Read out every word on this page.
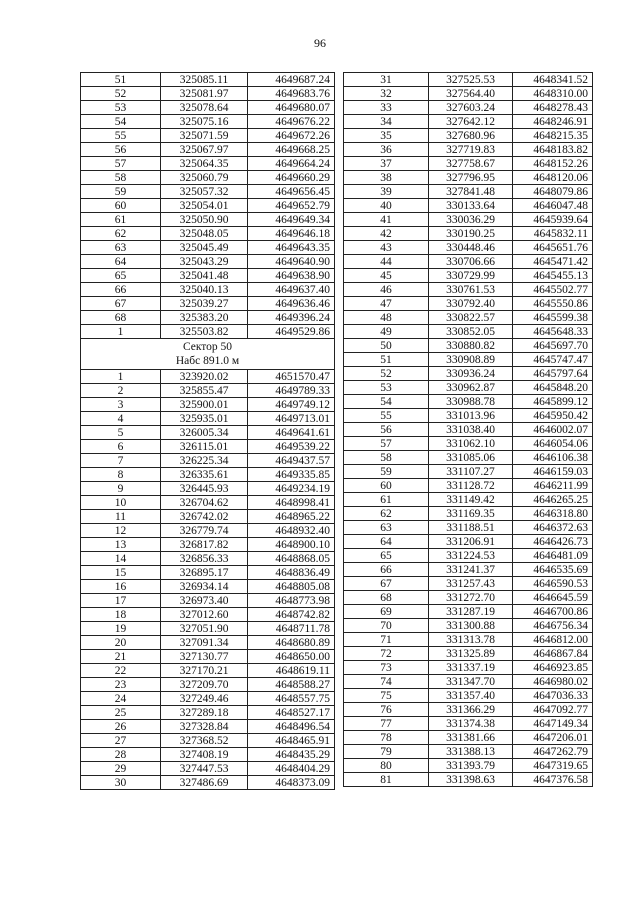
96
51	325085.11	4649687.24
52	325081.97	4649683.76
53	325078.64	4649680.07
54	325075.16	4649676.22
55	325071.59	4649672.26
56	325067.97	4649668.25
57	325064.35	4649664.24
58	325060.79	4649660.29
59	325057.32	4649656.45
60	325054.01	4649652.79
61	325050.90	4649649.34
62	325048.05	4649646.18
63	325045.49	4649643.35
64	325043.29	4649640.90
65	325041.48	4649638.90
66	325040.13	4649637.40
67	325039.27	4649636.46
68	325383.20	4649396.24
1	325503.82	4649529.86

Сектор 50
Набс 891.0 м		

1	323920.02	4651570.47
2	325855.47	4649789.33
3	325900.01	4649749.12
4	325935.01	4649713.01
5	326005.34	4649641.61
6	326115.01	4649539.22
7	326225.34	4649437.57
8	326335.61	4649335.85
9	326445.93	4649234.19
10	326704.62	4648998.41
11	326742.02	4648965.22
12	326779.74	4648932.40
13	326817.82	4648900.10
14	326856.33	4648868.05
15	326895.17	4648836.49
16	326934.14	4648805.08
17	326973.40	4648773.98
18	327012.60	4648742.82
19	327051.90	4648711.78
20	327091.34	4648680.89
21	327130.77	4648650.00
22	327170.21	4648619.11
23	327209.70	4648588.27
24	327249.46	4648557.75
25	327289.18	4648527.17
26	327328.84	4648496.54
27	327368.52	4648465.91
28	327408.19	4648435.29
29	327447.53	4648404.29
30	327486.69	4648373.09
31	327525.53	4648341.52
32	327564.40	4648310.00
33	327603.24	4648278.43
34	327642.12	4648246.91
35	327680.96	4648215.35
36	327719.83	4648183.82
37	327758.67	4648152.26
38	327796.95	4648120.06
39	327841.48	4648079.86
40	330133.64	4646047.48
41	330036.29	4645939.64
42	330190.25	4645832.11
43	330448.46	4645651.76
44	330706.66	4645471.42
45	330729.99	4645455.13
46	330761.53	4645502.77
47	330792.40	4645550.86
48	330822.57	4645599.38
49	330852.05	4645648.33
50	330880.82	4645697.70
51	330908.89	4645747.47
52	330936.24	4645797.64
53	330962.87	4645848.20
54	330988.78	4645899.12
55	331013.96	4645950.42
56	331038.40	4646002.07
57	331062.10	4646054.06
58	331085.06	4646106.38
59	331107.27	4646159.03
60	331128.72	4646211.99
61	331149.42	4646265.25
62	331169.35	4646318.80
63	331188.51	4646372.63
64	331206.91	4646426.73
65	331224.53	4646481.09
66	331241.37	4646535.69
67	331257.43	4646590.53
68	331272.70	4646645.59
69	331287.19	4646700.86
70	331300.88	4646756.34
71	331313.78	4646812.00
72	331325.89	4646867.84
73	331337.19	4646923.85
74	331347.70	4646980.02
75	331357.40	4647036.33
76	331366.29	4647092.77
77	331374.38	4647149.34
78	331381.66	4647206.01
79	331388.13	4647262.79
80	331393.79	4647319.65
81	331398.63	4647376.58
